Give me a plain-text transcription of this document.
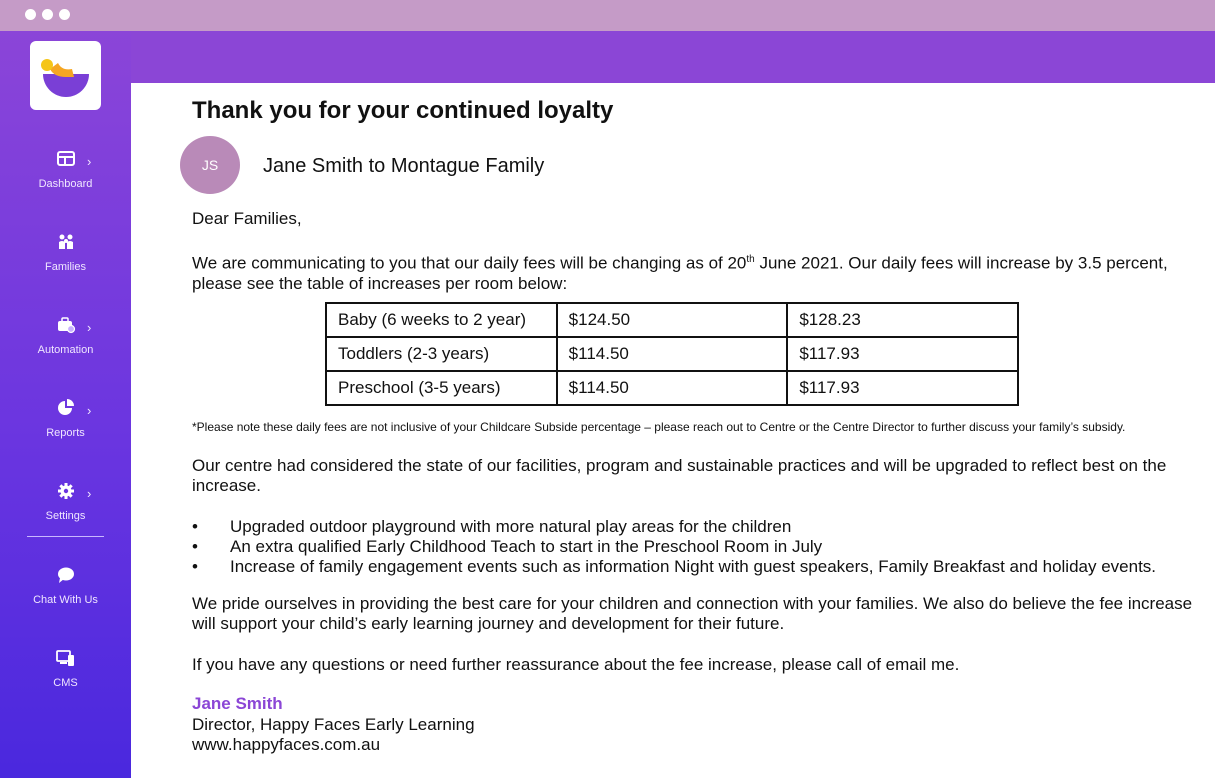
›
Dashboard
Families
›
Automation
›
Reports
›
Settings
Chat With Us
CMS
Thank you for your continued loyalty
JS	Jane Smith to Montague Family

Dear Families,

We are communicating to you that our daily fees will be changing as of 20th June 2021. Our daily fees will increase by 3.5 percent, please see the table of increases per room below:

Baby (6 weeks to 2 year)	$124.50	$128.23
Toddlers (2-3 years)	$114.50	$117.93
Preschool (3-5 years)	$114.50	$117.93

*Please note these daily fees are not inclusive of your Childcare Subside percentage – please reach out to Centre or the Centre Director to further discuss your family’s subsidy.

Our centre had considered the state of our facilities, program and sustainable practices and will be upgraded to reflect best on the increase.

• Upgraded outdoor playground with more natural play areas for the children
• An extra qualified Early Childhood Teach to start in the Preschool Room in July
• Increase of family engagement events such as information Night with guest speakers, Family Breakfast and holiday events.

We pride ourselves in providing the best care for your children and connection with your families. We also do believe the fee increase will support your child’s early learning journey and development for their future.

If you have any questions or need further reassurance about the fee increase, please call of email me.

Jane Smith

Director, Happy Faces Early Learning

www.happyfaces.com.au
